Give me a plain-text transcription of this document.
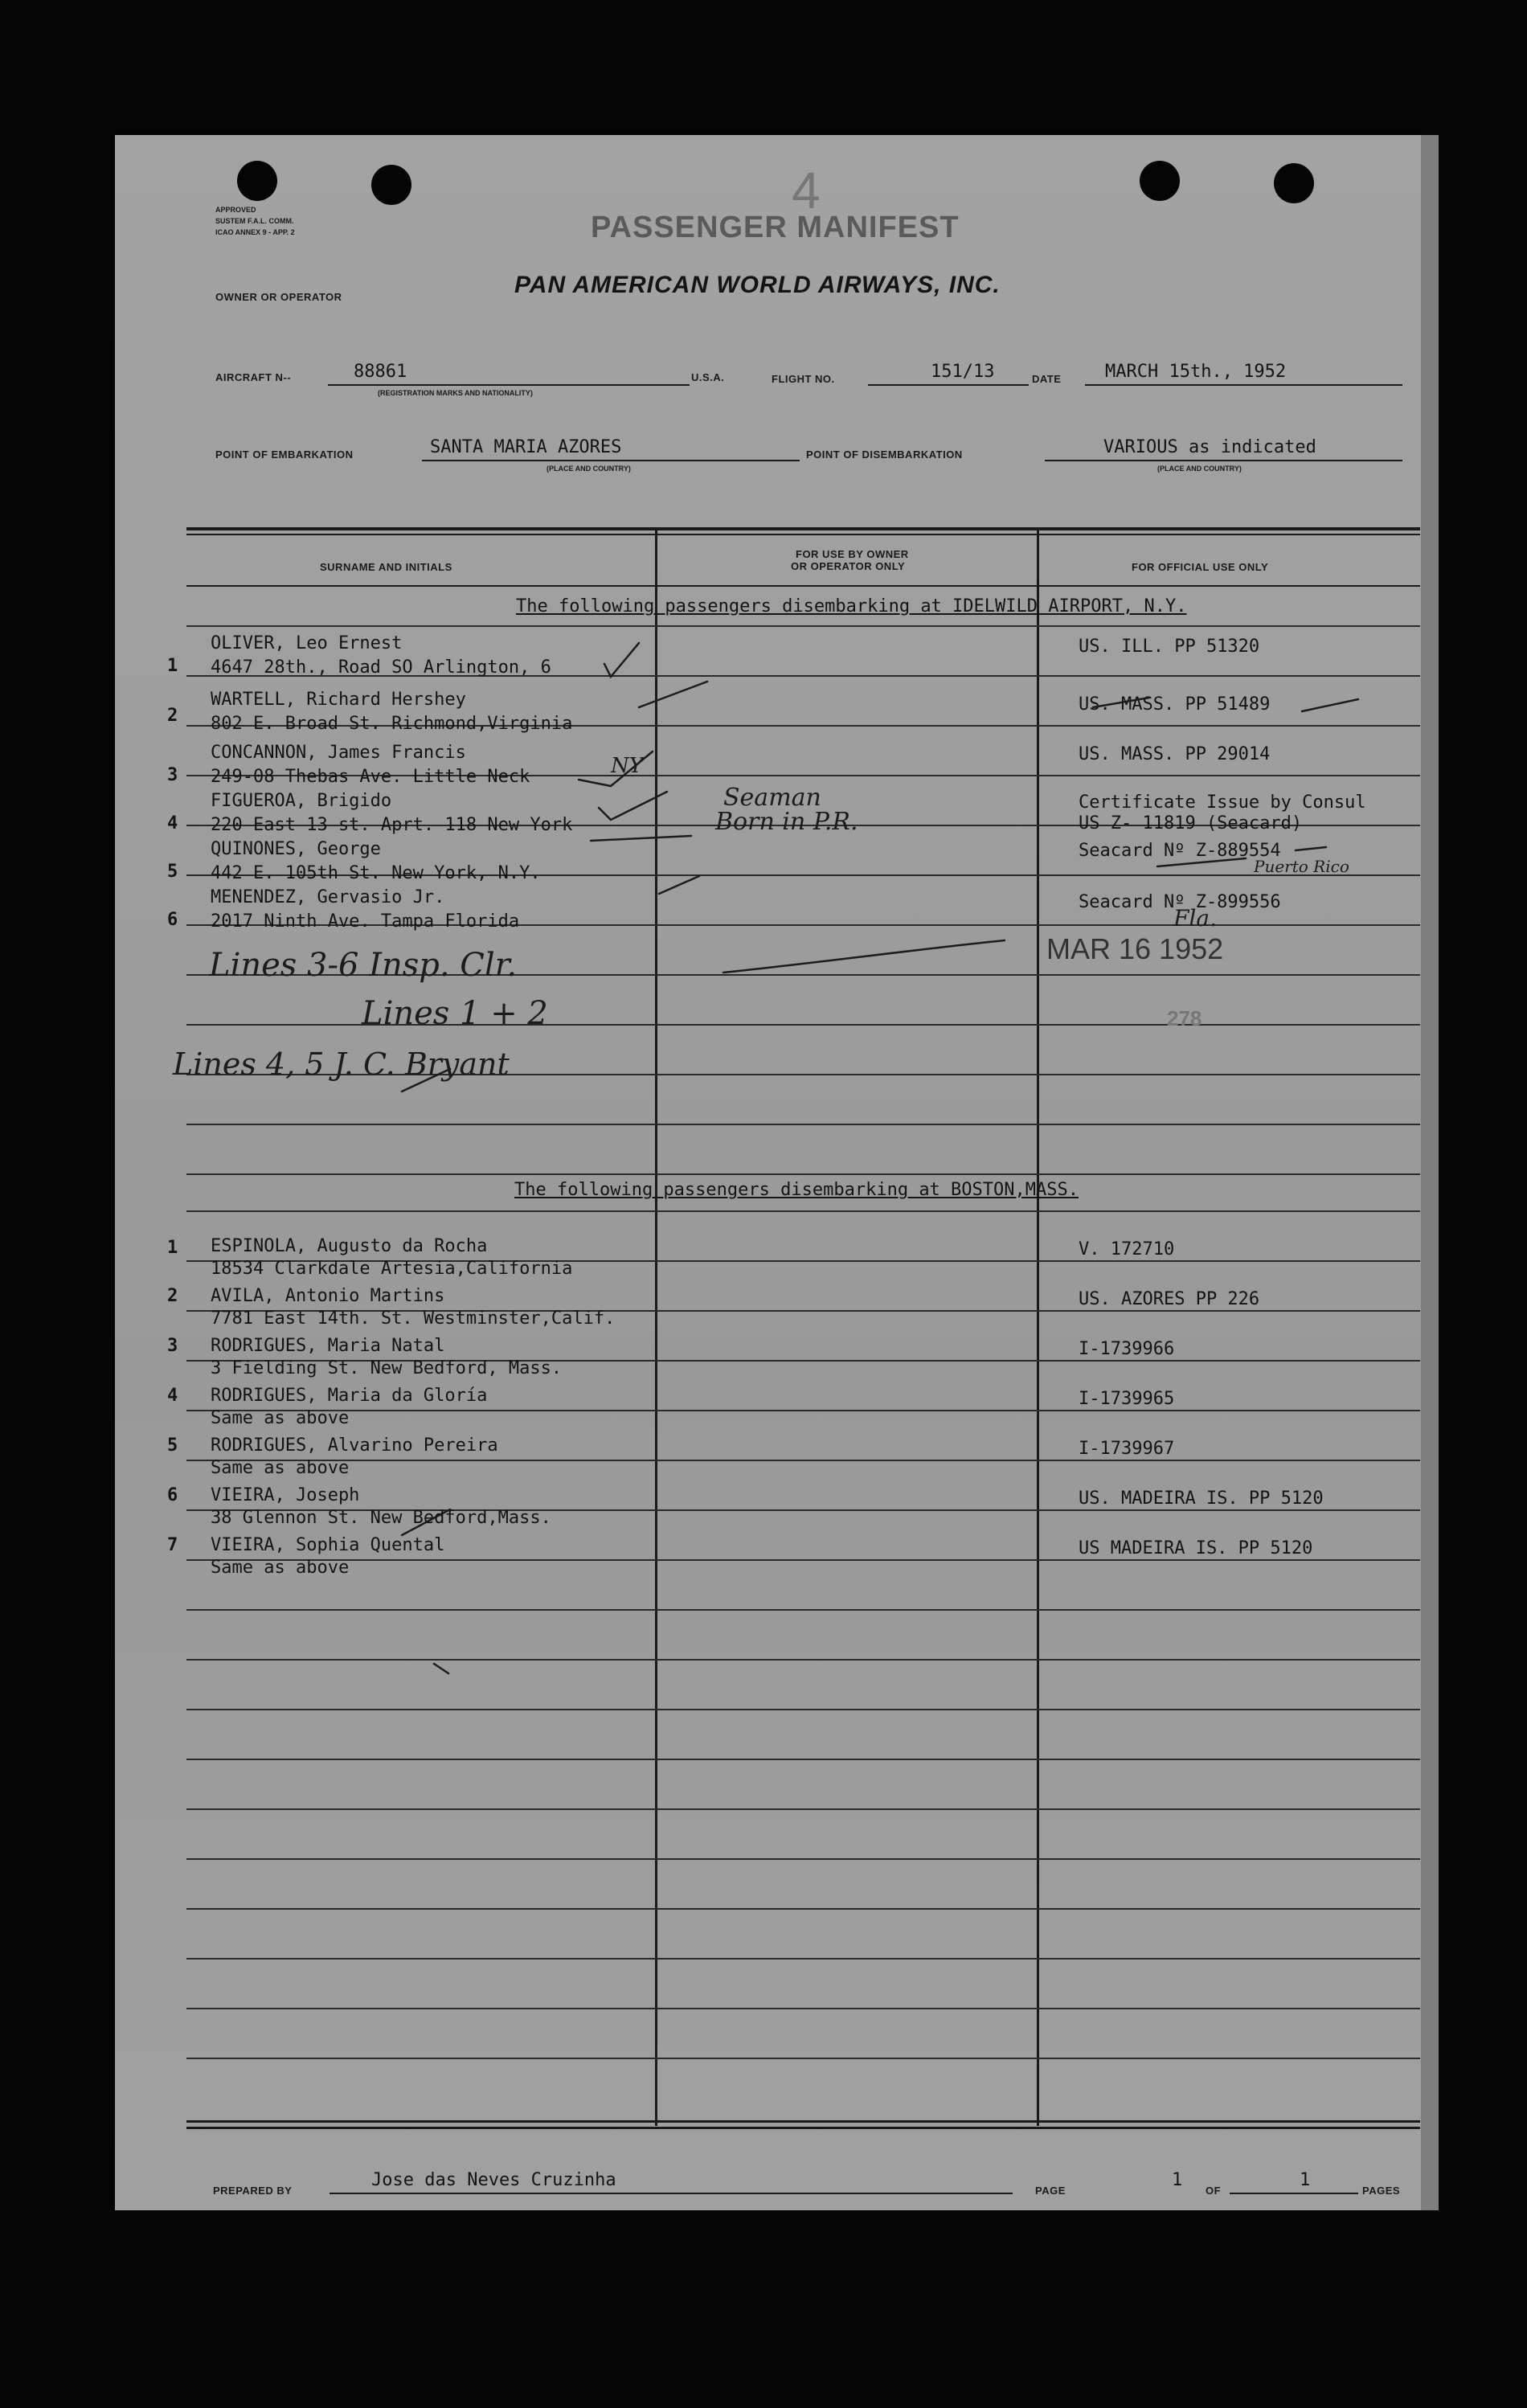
APPROVED
SUSTEM F.A.L. COMM.
ICAO ANNEX 9 - APP. 2	PASSENGER MANIFEST
4
OWNER OR OPERATOR	PAN AMERICAN WORLD AIRWAYS, INC.
AIRCRAFT N--	88861
(REGISTRATION MARKS AND NATIONALITY)
U.S.A.	FLIGHT NO.	151/13	DATE MARCH 15th., 1952
POINT OF EMBARKATION	SANTA MARIA AZORES
(PLACE AND COUNTRY)
POINT OF DISEMBARKATION	VARIOUS as indicated
(PLACE AND COUNTRY)
SURNAME AND INITIALS
FOR USE BY OWNER
OR OPERATOR ONLY	FOR OFFICIAL USE ONLY
The following passengers disembarking at IDELWILD AIRPORT, N.Y.
1
OLIVER, Leo Ernest
4647 28th., Road SO Arlington, 6
US. ILL. PP 51320
2
WARTELL, Richard Hershey
802 E. Broad St. Richmond,Virginia
US. MASS. PP 51489
3
CONCANNON, James Francis
249-08 Thebas Ave. Little Neck
US. MASS. PP 29014
4
FIGUEROA, Brigido
220 East 13 st. Aprt. 118 New York
Certificate Issue by Consul
US Z- 11819 (Seacard)
5
QUINONES, George
442 E. 105th St. New York, N.Y.
Seacard Nº Z-889554
6
MENENDEZ, Gervasio Jr.
2017 Ninth Ave. Tampa Florida
Seacard Nº Z-899556
Seaman
Born in P.R.
NY
Puerto Rico
Fla.
Lines 3-6 Insp. Clr.
Lines 1 + 2
Lines 4, 5 J. C. Bryant
MAR 16 1952
278
The following passengers disembarking at BOSTON,MASS.
1 ESPINOLA, Augusto da Rocha
18534 Clarkdale Artesia,California
V. 172710
2 AVILA, Antonio Martins
7781 East 14th. St. Westminster,Calif.
US. AZORES PP 226
3 RODRIGUES, Maria Natal
3 Fielding St. New Bedford, Mass.
I-1739966
4 RODRIGUES, Maria da Gloría
Same as above
I-1739965
5 RODRIGUES, Alvarino Pereira
Same as above
I-1739967
6 VIEIRA, Joseph
38 Glennon St. New Bedford,Mass.
US. MADEIRA IS. PP 5120
7 VIEIRA, Sophia Quental
Same as above
US MADEIRA IS. PP 5120
PREPARED BY
Jose das Neves Cruzinha
PAGE
1
OF
1
PAGES
